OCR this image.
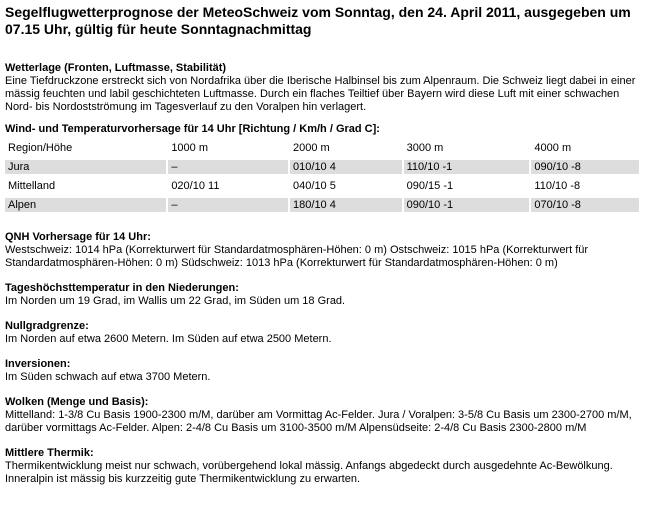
Segelflugwetterprognose der MeteoSchweiz vom Sonntag, den 24. April 2011, ausgegeben um 07.15 Uhr, gültig für heute Sonntagnachmittag
Wetterlage (Fronten, Luftmasse, Stabilität)

Eine Tiefdruckzone erstreckt sich von Nordafrika über die Iberische Halbinsel bis zum Alpenraum. Die Schweiz liegt dabei in einer mässig feuchten und labil geschichteten Luftmasse. Durch ein flaches Teiltief über Bayern wird diese Luft mit einer schwachen Nord- bis Nordostströmung im Tagesverlauf zu den Voralpen hin verlagert.

Wind- und Temperaturvorhersage für 14 Uhr [Richtung / Km/h / Grad C]:
Region/Höhe	1000 m	2000 m	3000 m	4000 m
Jura	–	010/10 4	110/10 -1	090/10 -8
Mittelland	020/10 11	040/10 5	090/15 -1	110/10 -8
Alpen	–	180/10 4	090/10 -1	070/10 -8
QNH Vorhersage für 14 Uhr:

Westschweiz: 1014 hPa (Korrekturwert für Standardatmosphären-Höhen: 0 m) Ostschweiz: 1015 hPa (Korrekturwert für Standardatmosphären-Höhen: 0 m) Südschweiz: 1013 hPa (Korrekturwert für Standardatmosphären-Höhen: 0 m)

Tageshöchsttemperatur in den Niederungen:

Im Norden um 19 Grad, im Wallis um 22 Grad, im Süden um 18 Grad.

Nullgradgrenze:

Im Norden auf etwa 2600 Metern. Im Süden auf etwa 2500 Metern.

Inversionen:

Im Süden schwach auf etwa 3700 Metern.

Wolken (Menge und Basis):

Mittelland: 1-3/8 Cu Basis 1900-2300 m/M, darüber am Vormittag Ac-Felder. Jura / Voralpen: 3-5/8 Cu Basis um 2300-2700 m/M, darüber vormittags Ac-Felder. Alpen: 2-4/8 Cu Basis um 3100-3500 m/M Alpensüdseite: 2-4/8 Cu Basis 2300-2800 m/M

Mittlere Thermik:

Thermikentwicklung meist nur schwach, vorübergehend lokal mässig. Anfangs abgedeckt durch ausgedehnte Ac-Bewölkung. Inneralpin ist mässig bis kurzzeitig gute Thermikentwicklung zu erwarten.
